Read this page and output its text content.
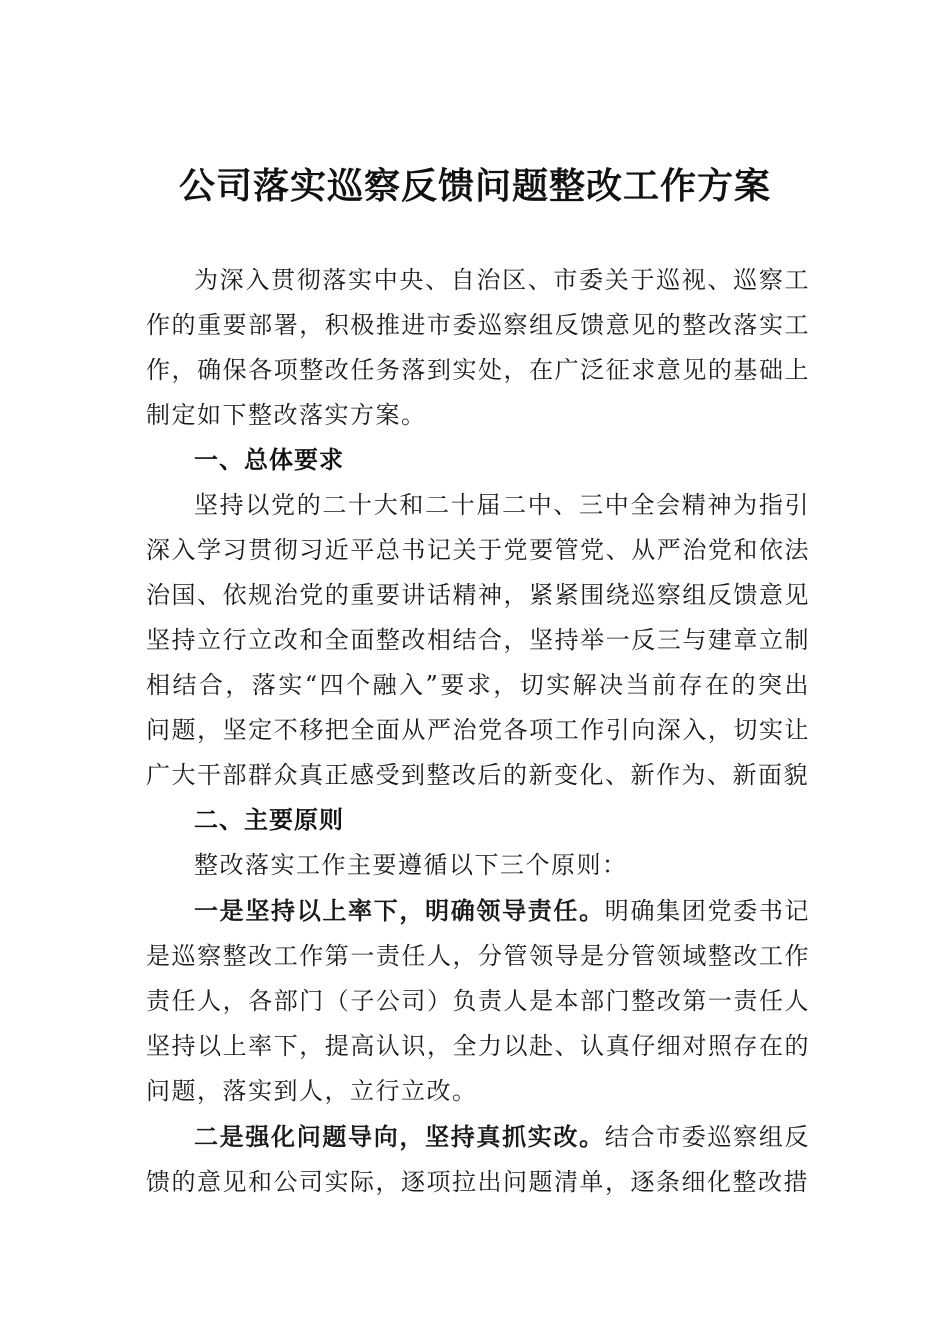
公司落实巡察反馈问题整改工作方案

为深入贯彻落实中央、自治区、市委关于巡视、巡察工作的重要部署，积极推进市委巡察组反馈意见的整改落实工作，确保各项整改任务落到实处，在广泛征求意见的基础上制定如下整改落实方案。

一、总体要求

坚持以党的二十大和二十届二中、三中全会精神为指引深入学习贯彻习近平总书记关于党要管党、从严治党和依法治国、依规治党的重要讲话精神，紧紧围绕巡察组反馈意见坚持立行立改和全面整改相结合，坚持举一反三与建章立制相结合，落实“四个融入”要求，切实解决当前存在的突出问题，坚定不移把全面从严治党各项工作引向深入，切实让广大干部群众真正感受到整改后的新变化、新作为、新面貌

二、主要原则

整改落实工作主要遵循以下三个原则：

一是坚持以上率下，明确领导责任。明确集团党委书记是巡察整改工作第一责任人，分管领导是分管领域整改工作责任人，各部门（子公司）负责人是本部门整改第一责任人坚持以上率下，提高认识，全力以赴、认真仔细对照存在的问题，落实到人，立行立改。

二是强化问题导向，坚持真抓实改。结合市委巡察组反馈的意见和公司实际，逐项拉出问题清单，逐条细化整改措
